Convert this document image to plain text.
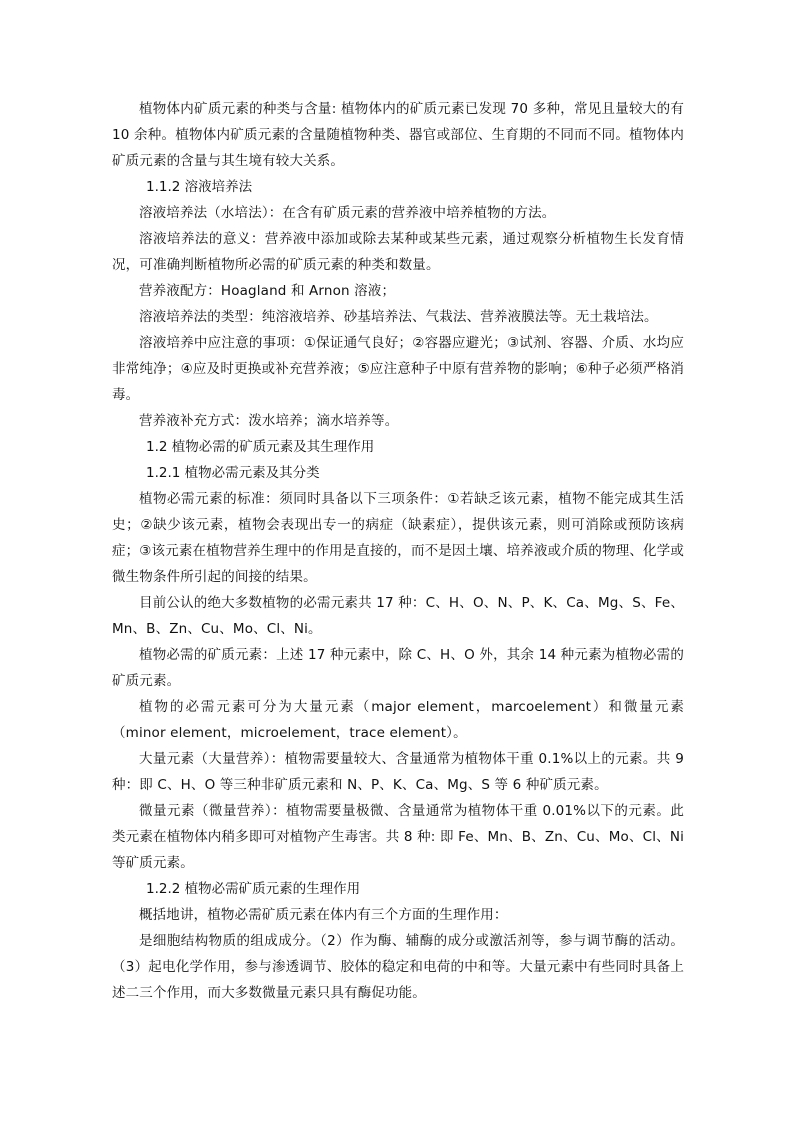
植物体内矿质元素的种类与含量: 植物体内的矿质元素已发现 70 多种，常见且量较大的有 10 余种。植物体内矿质元素的含量随植物种类、器官或部位、生育期的不同而不同。植物体内矿质元素的含量与其生境有较大关系。

1.1.2 溶液培养法

溶液培养法（水培法）：在含有矿质元素的营养液中培养植物的方法。

溶液培养法的意义：营养液中添加或除去某种或某些元素，通过观察分析植物生长发育情况，可准确判断植物所必需的矿质元素的种类和数量。

营养液配方：Hoagland 和 Arnon 溶液；

溶液培养法的类型：纯溶液培养、砂基培养法、气栽法、营养液膜法等。无土栽培法。

溶液培养中应注意的事项：①保证通气良好；②容器应避光；③试剂、容器、介质、水均应非常纯净；④应及时更换或补充营养液；⑤应注意种子中原有营养物的影响；⑥种子必须严格消毒。

营养液补充方式：泼水培养；滴水培养等。

1.2 植物必需的矿质元素及其生理作用

1.2.1 植物必需元素及其分类

植物必需元素的标准：须同时具备以下三项条件：①若缺乏该元素，植物不能完成其生活史；②缺少该元素，植物会表现出专一的病症（缺素症），提供该元素，则可消除或预防该病症；③该元素在植物营养生理中的作用是直接的，而不是因土壤、培养液或介质的物理、化学或微生物条件所引起的间接的结果。

目前公认的绝大多数植物的必需元素共 17 种：C、H、O、N、P、K、Ca、Mg、S、Fe、Mn、B、Zn、Cu、Mo、Cl、Ni。

植物必需的矿质元素：上述 17 种元素中，除 C、H、O 外，其余 14 种元素为植物必需的矿质元素。

植物的必需元素可分为大量元素（major element，marcoelement）和微量元素（minor element，microelement，trace element）。

大量元素（大量营养）：植物需要量较大、含量通常为植物体干重 0.1%以上的元素。共 9 种：即 C、H、O 等三种非矿质元素和 N、P、K、Ca、Mg、S 等 6 种矿质元素。

微量元素（微量营养）：植物需要量极微、含量通常为植物体干重 0.01%以下的元素。此类元素在植物体内稍多即可对植物产生毒害。共 8 种: 即 Fe、Mn、B、Zn、Cu、Mo、Cl、Ni 等矿质元素。

1.2.2 植物必需矿质元素的生理作用

概括地讲，植物必需矿质元素在体内有三个方面的生理作用：

是细胞结构物质的组成成分。（2）作为酶、辅酶的成分或激活剂等，参与调节酶的活动。（3）起电化学作用，参与渗透调节、胶体的稳定和电荷的中和等。大量元素中有些同时具备上述二三个作用，而大多数微量元素只具有酶促功能。
